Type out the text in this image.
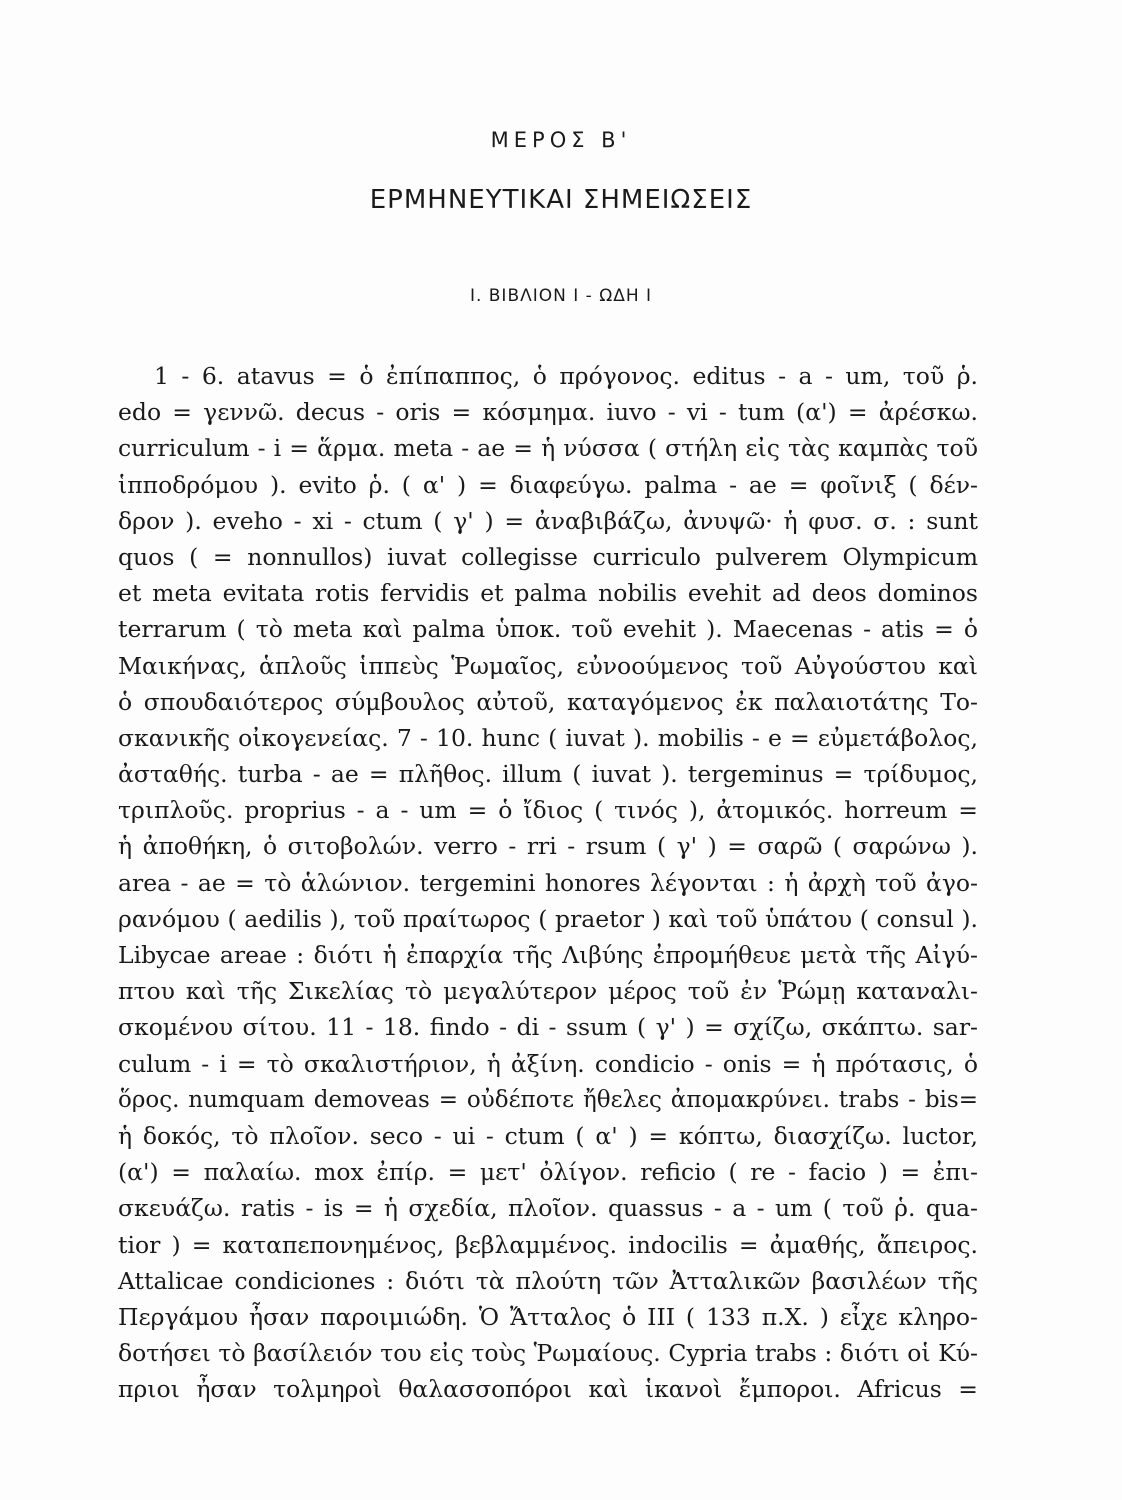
ΜΕΡΟΣ Β'
ΕΡΜΗΝΕΥΤΙΚΑΙ ΣΗΜΕΙΩΣΕΙΣ
Ι. ΒΙΒΛΙΟΝ Ι - ΩΔΗ Ι
1 - 6. atavus = ὁ ἐπίπαππος, ὁ πρόγονος. editus - a - um, τοῦ ῥ.
edo = γεννῶ. decus - oris = κόσμημα. iuvo - vi - tum (α') = ἀρέσκω.
curriculum - i = ἅρμα. meta - ae = ἡ νύσσα ( στήλη εἰς τὰς καμπὰς τοῦ
ἱπποδρόμου ). evito ῥ. ( α' ) = διαφεύγω. palma - ae = φοῖνιξ ( δέν-
δρον ). eveho - xi - ctum ( γ' ) = ἀναβιβάζω, ἀνυψῶ· ἡ φυσ. σ. : sunt
quos ( = nonnullos) iuvat collegisse curriculo pulverem Olympicum
et meta evitata rotis fervidis et palma nobilis evehit ad deos dominos
terrarum ( τὸ meta καὶ palma ὑποκ. τοῦ evehit ). Maecenas - atis = ὁ
Μαικήνας, ἁπλοῦς ἱππεὺς Ῥωμαῖος, εὐνοούμενος τοῦ Αὐγούστου καὶ
ὁ σπουδαιότερος σύμβουλος αὐτοῦ, καταγόμενος ἐκ παλαιοτάτης Το-
σκανικῆς οἰκογενείας. 7 - 10. hunc ( iuvat ). mobilis - e = εὐμετάβολος,
ἀσταθής. turba - ae = πλῆθος. illum ( iuvat ). tergeminus = τρίδυμος,
τριπλοῦς. proprius - a - um = ὁ ἴδιος ( τινός ), ἀτομικός. horreum =
ἡ ἀποθήκη, ὁ σιτοβολών. verro - rri - rsum ( γ' ) = σαρῶ ( σαρώνω ).
area - ae = τὸ ἁλώνιον. tergemini honores λέγονται : ἡ ἀρχὴ τοῦ ἀγο-
ρανόμου ( aedilis ), τοῦ πραίτωρος ( praetor ) καὶ τοῦ ὑπάτου ( consul ).
Libycae areae : διότι ἡ ἐπαρχία τῆς Λιβύης ἐπρομήθευε μετὰ τῆς Αἰγύ-
πτου καὶ τῆς Σικελίας τὸ μεγαλύτερον μέρος τοῦ ἐν Ῥώμῃ καταναλι-
σκομένου σίτου. 11 - 18. findo - di - ssum ( γ' ) = σχίζω, σκάπτω. sar-
culum - i = τὸ σκαλιστήριον, ἡ ἀξίνη. condicio - onis = ἡ πρότασις, ὁ
ὅρος. numquam demoveas = οὐδέποτε ἤθελες ἀπομακρύνει. trabs - bis=
ἡ δοκός, τὸ πλοῖον. seco - ui - ctum ( α' ) = κόπτω, διασχίζω. luctor,
(α') = παλαίω. mox ἐπίρ. = μετ' ὀλίγον. reficio ( re - facio ) = ἐπι-
σκευάζω. ratis - is = ἡ σχεδία, πλοῖον. quassus - a - um ( τοῦ ῥ. qua-
tior ) = καταπεπονημένος, βεβλαμμένος. indocilis = ἀμαθής, ἄπειρος.
Attalicae condiciones : διότι τὰ πλούτη τῶν Ἀτταλικῶν βασιλέων τῆς
Περγάμου ἦσαν παροιμιώδη. Ὁ Ἄτταλος ὁ III ( 133 π.Χ. ) εἶχε κληρο-
δοτήσει τὸ βασίλειόν του εἰς τοὺς Ῥωμαίους. Cypria trabs : διότι οἱ Κύ-
πριοι ἦσαν τολμηροὶ θαλασσοπόροι καὶ ἱκανοὶ ἔμποροι. Africus =
